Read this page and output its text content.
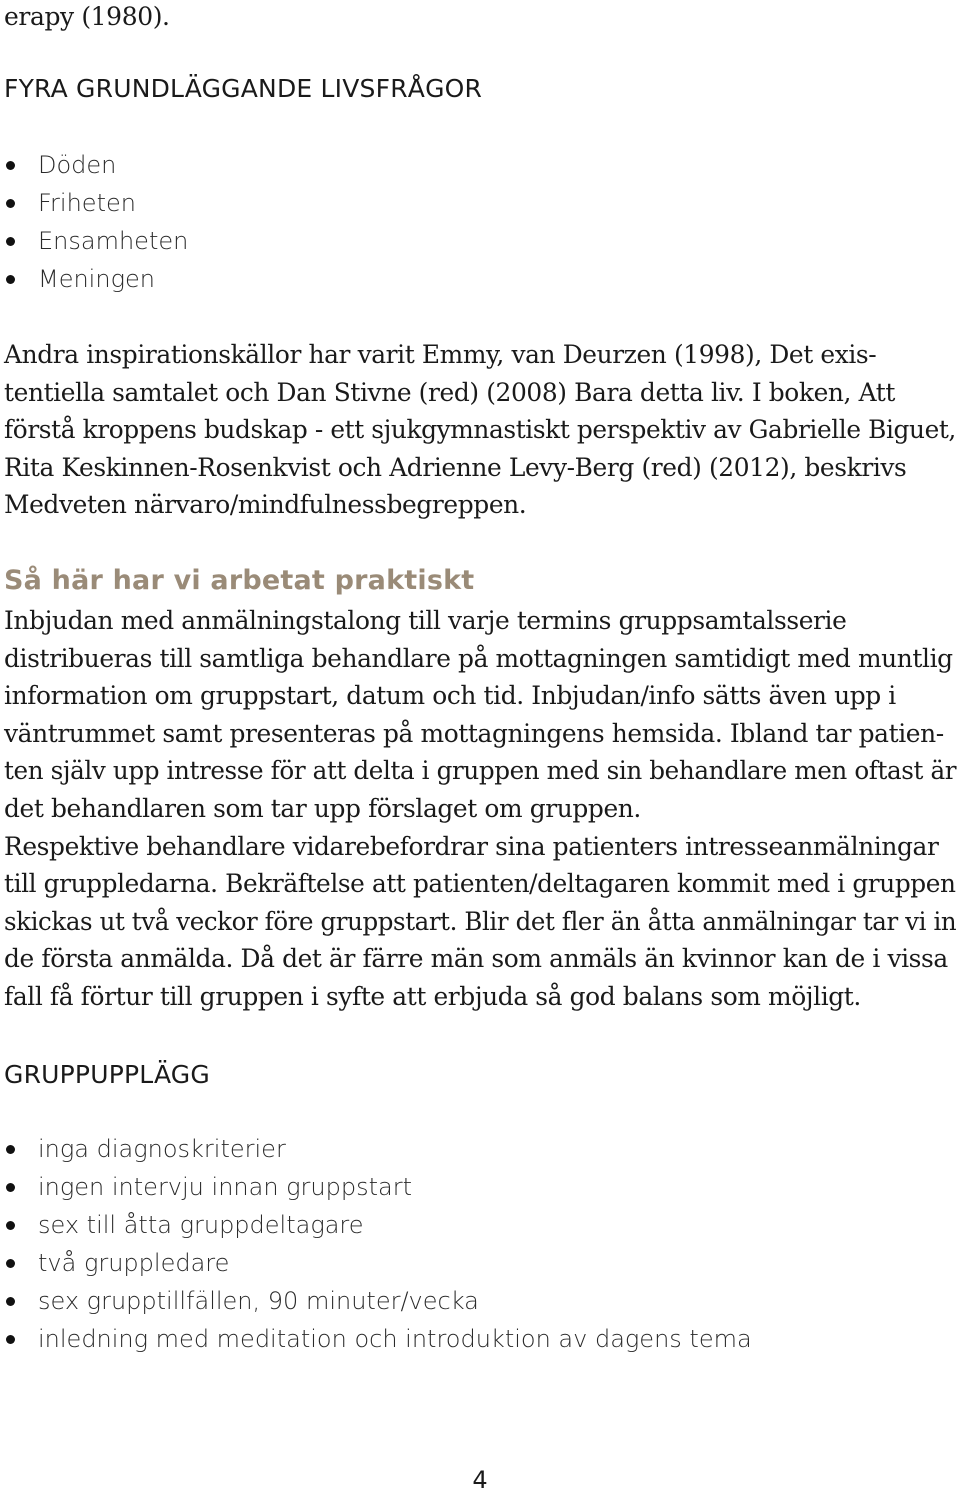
erapy (1980).

FYRA GRUNDLÄGGANDE LIVSFRÅGOR
Döden
Friheten
Ensamheten
Meningen

Andra inspirationskällor har varit Emmy, van Deurzen (1998), Det exis-
tentiella samtalet och Dan Stivne (red) (2008) Bara detta liv. I boken, Att
förstå kroppens budskap - ett sjukgymnastiskt perspektiv av Gabrielle Biguet,
Rita Keskinnen-Rosenkvist och Adrienne Levy-Berg (red) (2012), beskrivs
Medveten närvaro/mindfulnessbegreppen.

Så här har vi arbetat praktiskt

Inbjudan med anmälningstalong till varje termins gruppsamtalsserie
distribueras till samtliga behandlare på mottagningen samtidigt med muntlig
information om gruppstart, datum och tid. Inbjudan/info sätts även upp i
väntrummet samt presenteras på mottagningens hemsida. Ibland tar patien-
ten själv upp intresse för att delta i gruppen med sin behandlare men oftast är
det behandlaren som tar upp förslaget om gruppen.
Respektive behandlare vidarebefordrar sina patienters intresseanmälningar
till gruppledarna. Bekräftelse att patienten/deltagaren kommit med i gruppen
skickas ut två veckor före gruppstart. Blir det fler än åtta anmälningar tar vi in
de första anmälda. Då det är färre män som anmäls än kvinnor kan de i vissa
fall få förtur till gruppen i syfte att erbjuda så god balans som möjligt.

GRUPPUPPLÄGG
inga diagnoskriterier
ingen intervju innan gruppstart
sex till åtta gruppdeltagare
två gruppledare
sex grupptillfällen, 90 minuter/vecka
inledning med meditation och introduktion av dagens tema
4
